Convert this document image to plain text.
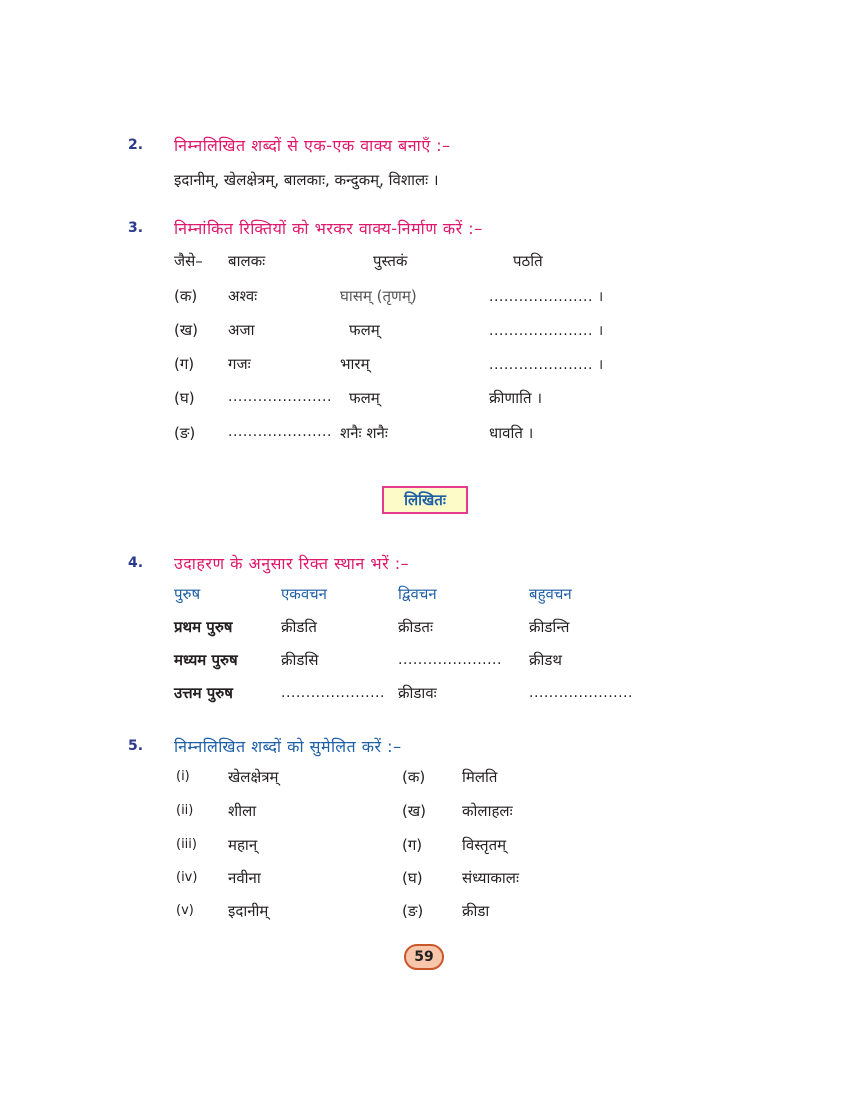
2. निम्नलिखित शब्दों से एक-एक वाक्य बनाएँ :–
इदानीम्, खेलक्षेत्रम्, बालकाः, कन्दुकम्, विशालः ।
3. निम्नांकित रिक्तियों को भरकर वाक्य-निर्माण करें :–
जैसे– बालकः	पुस्तकं	पठति
(क) अश्वः	घासम् (तृणम्)	..................... ।
(ख) अजा	फलम्	..................... ।
(ग) गजः	भारम्	..................... ।
(घ) ..................... फलम्	क्रीणाति ।
(ङ) ..................... शनैः शनैः	धावति ।
लिखितः
4. उदाहरण के अनुसार रिक्त स्थान भरें :–
पुरुष	एकवचन	द्विवचन	बहुवचन
प्रथम पुरुष	क्रीडति	क्रीडतः	क्रीडन्ति
मध्यम पुरुष	क्रीडसि	..................... क्रीडथ
उत्तम पुरुष	..................... क्रीडावः	.....................
5. निम्नलिखित शब्दों को सुमेलित करें :–
(i)	खेलक्षेत्रम्	(क) मिलति
(ii) शीला	(ख) कोलाहलः
(iii) महान्	(ग)	विस्तृतम्
(iv) नवीना	(घ)	संध्याकालः
(v) इदानीम्	(ङ)	क्रीडा
59
